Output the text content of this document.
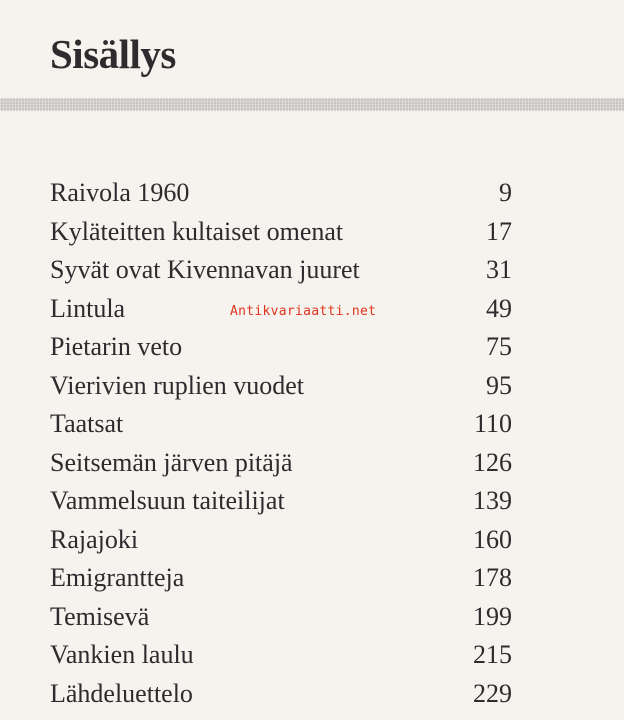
Sisällys
Raivola 1960	9
Kyläteitten kultaiset omenat	17
Syvät ovat Kivennavan juuret	31
Lintula	49
Pietarin veto	75
Vierivien ruplien vuodet	95
Taatsat	110
Seitsemän järven pitäjä	126
Vammelsuun taiteilijat	139
Rajajoki	160
Emigrantteja	178
Temisevä	199
Vankien laulu	215
Lähdeluettelo	229
Antikvariaatti.net
